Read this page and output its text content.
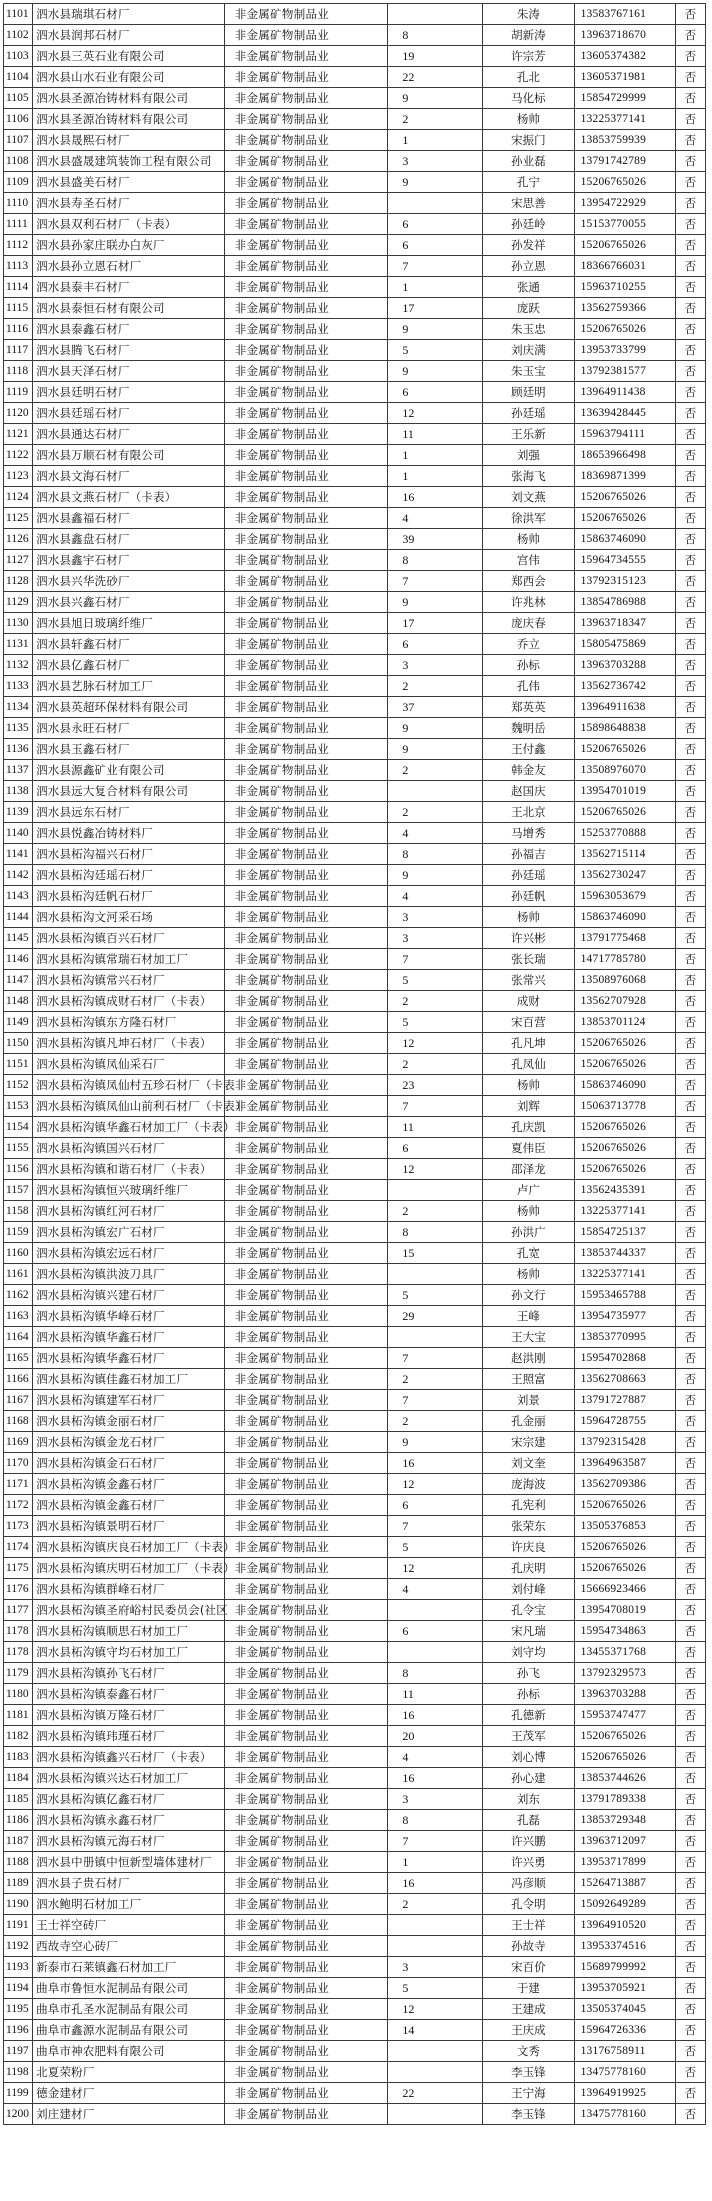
1101	泗水县瑞琪石材厂	非金属矿物制品业		朱涛	13583767161	否
1102	泗水县润邦石材厂	非金属矿物制品业	8	胡新涛	13963718670	否
1103	泗水县三英石业有限公司	非金属矿物制品业	19	许宗芳	13605374382	否
1104	泗水县山水石业有限公司	非金属矿物制品业	22	孔北	13605371981	否
1105	泗水县圣源冶铸材料有限公司	非金属矿物制品业	9	马化标	15854729999	否
1106	泗水县圣源冶铸材料有限公司	非金属矿物制品业	2	杨帅	13225377141	否
1107	泗水县晟熙石材厂	非金属矿物制品业	1	宋振门	13853759939	否
1108	泗水县盛晟建筑装饰工程有限公司	非金属矿物制品业	3	孙业磊	13791742789	否
1109	泗水县盛美石材厂	非金属矿物制品业	9	孔宁	15206765026	否
1110	泗水县寿圣石材厂	非金属矿物制品业		宋思善	13954722929	否
1111	泗水县双利石材厂（卡表）	非金属矿物制品业	6	孙廷岭	15153770055	否
1112	泗水县孙家庄联办白灰厂	非金属矿物制品业	6	孙发祥	15206765026	否
1113	泗水县孙立恩石材厂	非金属矿物制品业	7	孙立恩	18366766031	否
1114	泗水县泰丰石材厂	非金属矿物制品业	1	张通	15963710255	否
1115	泗水县泰恒石材有限公司	非金属矿物制品业	17	庞跃	13562759366	否
1116	泗水县泰鑫石材厂	非金属矿物制品业	9	朱玉忠	15206765026	否
1117	泗水县腾飞石材厂	非金属矿物制品业	5	刘庆满	13953733799	否
1118	泗水县天泽石材厂	非金属矿物制品业	9	朱玉宝	13792381577	否
1119	泗水县廷明石材厂	非金属矿物制品业	6	顾廷明	13964911438	否
1120	泗水县廷瑶石材厂	非金属矿物制品业	12	孙廷瑶	13639428445	否
1121	泗水县通达石材厂	非金属矿物制品业	11	王乐新	15963794111	否
1122	泗水县万顺石材有限公司	非金属矿物制品业	1	刘强	18653966498	否
1123	泗水县文海石材厂	非金属矿物制品业	1	张海飞	18369871399	否
1124	泗水县文燕石材厂（卡表）	非金属矿物制品业	16	刘文燕	15206765026	否
1125	泗水县鑫福石材厂	非金属矿物制品业	4	徐洪军	15206765026	否
1126	泗水县鑫盘石材厂	非金属矿物制品业	39	杨帅	15863746090	否
1127	泗水县鑫宇石材厂	非金属矿物制品业	8	宫伟	15964734555	否
1128	泗水县兴华洗砂厂	非金属矿物制品业	7	郑西会	13792315123	否
1129	泗水县兴鑫石材厂	非金属矿物制品业	9	许兆林	13854786988	否
1130	泗水县旭日玻璃纤维厂	非金属矿物制品业	17	庞庆春	13963718347	否
1131	泗水县轩鑫石材厂	非金属矿物制品业	6	乔立	15805475869	否
1132	泗水县亿鑫石材厂	非金属矿物制品业	3	孙标	13963703288	否
1133	泗水县艺脉石材加工厂	非金属矿物制品业	2	孔伟	13562736742	否
1134	泗水县英超环保材料有限公司	非金属矿物制品业	37	郑英英	13964911638	否
1135	泗水县永旺石材厂	非金属矿物制品业	9	魏明岳	15898648838	否
1136	泗水县玉鑫石材厂	非金属矿物制品业	9	王付鑫	15206765026	否
1137	泗水县源鑫矿业有限公司	非金属矿物制品业	2	韩金友	13508976070	否
1138	泗水县远大复合材料有限公司	非金属矿物制品业		赵国庆	13954701019	否
1139	泗水县远东石材厂	非金属矿物制品业	2	王北京	15206765026	否
1140	泗水县悦鑫冶铸材料厂	非金属矿物制品业	4	马增秀	15253770888	否
1141	泗水县柘沟福兴石材厂	非金属矿物制品业	8	孙福吉	13562715114	否
1142	泗水县柘沟廷瑶石材厂	非金属矿物制品业	9	孙廷瑶	13562730247	否
1143	泗水县柘沟廷帆石材厂	非金属矿物制品业	4	孙廷帆	15963053679	否
1144	泗水县柘沟文河采石场	非金属矿物制品业	3	杨帅	15863746090	否
1145	泗水县柘沟镇百兴石材厂	非金属矿物制品业	3	许兴彬	13791775468	否
1146	泗水县柘沟镇常瑞石材加工厂	非金属矿物制品业	7	张长瑞	14717785780	否
1147	泗水县柘沟镇常兴石材厂	非金属矿物制品业	5	张常兴	13508976068	否
1148	泗水县柘沟镇成财石材厂（卡表）	非金属矿物制品业	2	成财	13562707928	否
1149	泗水县柘沟镇东方隆石材厂	非金属矿物制品业	5	宋百营	13853701124	否
1150	泗水县柘沟镇凡坤石材厂（卡表）	非金属矿物制品业	12	孔凡坤	15206765026	否
1151	泗水县柘沟镇凤仙采石厂	非金属矿物制品业	2	孔凤仙	15206765026	否
1152	泗水县柘沟镇凤仙村五珍石材厂（卡表	非金属矿物制品业	23	杨帅	15863746090	否
1153	泗水县柘沟镇凤仙山前利石材厂（卡表）	非金属矿物制品业	7	刘辉	15063713778	否
1154	泗水县柘沟镇华鑫石材加工厂（卡表）	非金属矿物制品业	11	孔庆凯	15206765026	否
1155	泗水县柘沟镇国兴石材厂	非金属矿物制品业	6	夏伟臣	15206765026	否
1156	泗水县柘沟镇和谐石材厂（卡表）	非金属矿物制品业	12	邵泽龙	15206765026	否
1157	泗水县柘沟镇恒兴玻璃纤维厂	非金属矿物制品业		卢广	13562435391	否
1158	泗水县柘沟镇红河石材厂	非金属矿物制品业	2	杨帅	13225377141	否
1159	泗水县柘沟镇宏广石材厂	非金属矿物制品业	8	孙洪广	15854725137	否
1160	泗水县柘沟镇宏远石材厂	非金属矿物制品业	15	孔宽	13853744337	否
1161	泗水县柘沟镇洪波刀具厂	非金属矿物制品业		杨帅	13225377141	否
1162	泗水县柘沟镇兴建石材厂	非金属矿物制品业	5	孙文行	15953465788	否
1163	泗水县柘沟镇华峰石材厂	非金属矿物制品业	29	王峰	13954735977	否
1164	泗水县柘沟镇华鑫石材厂	非金属矿物制品业		王大宝	13853770995	否
1165	泗水县柘沟镇华鑫石材厂	非金属矿物制品业	7	赵洪刚	15954702868	否
1166	泗水县柘沟镇佳鑫石材加工厂	非金属矿物制品业	2	王照富	13562708663	否
1167	泗水县柘沟镇建军石材厂	非金属矿物制品业	7	刘景	13791727887	否
1168	泗水县柘沟镇金丽石材厂	非金属矿物制品业	2	孔金丽	15964728755	否
1169	泗水县柘沟镇金龙石材厂	非金属矿物制品业	9	宋宗建	13792315428	否
1170	泗水县柘沟镇金石石材厂	非金属矿物制品业	16	刘文奎	13964963587	否
1171	泗水县柘沟镇金鑫石材厂	非金属矿物制品业	12	庞海波	13562709386	否
1172	泗水县柘沟镇金鑫石材厂	非金属矿物制品业	6	孔宪利	15206765026	否
1173	泗水县柘沟镇景明石材厂	非金属矿物制品业	7	张荣东	13505376853	否
1174	泗水县柘沟镇庆良石材加工厂（卡表）	非金属矿物制品业	5	许庆良	15206765026	否
1175	泗水县柘沟镇庆明石材加工厂（卡表）	非金属矿物制品业	12	孔庆明	15206765026	否
1176	泗水县柘沟镇群峰石材厂	非金属矿物制品业	4	刘付峰	15666923466	否
1177	泗水县柘沟镇圣府峪村民委员会(社区	非金属矿物制品业		孔令宝	13954708019	否
1178	泗水县柘沟镇顺思石材加工厂	非金属矿物制品业	6	宋凡瑞	15954734863	否
1178	泗水县柘沟镇守均石材加工厂	非金属矿物制品业		刘守均	13455371768	否
1179	泗水县柘沟镇孙飞石材厂	非金属矿物制品业	8	孙飞	13792329573	否
1180	泗水县柘沟镇泰鑫石材厂	非金属矿物制品业	11	孙标	13963703288	否
1181	泗水县柘沟镇万隆石材厂	非金属矿物制品业	16	孔德新	15953747477	否
1182	泗水县柘沟镇玮瑾石材厂	非金属矿物制品业	20	王茂军	15206765026	否
1183	泗水县柘沟镇鑫兴石材厂（卡表）	非金属矿物制品业	4	刘心博	15206765026	否
1184	泗水县柘沟镇兴达石材加工厂	非金属矿物制品业	16	孙心建	13853744626	否
1185	泗水县柘沟镇亿鑫石材厂	非金属矿物制品业	3	刘东	13791789338	否
1186	泗水县柘沟镇永鑫石材厂	非金属矿物制品业	8	孔磊	13853729348	否
1187	泗水县柘沟镇元海石材厂	非金属矿物制品业	7	许兴鹏	13963712097	否
1188	泗水县中册镇中恒新型墙体建材厂	非金属矿物制品业	1	许兴勇	13953717899	否
1189	泗水县子贵石材厂	非金属矿物制品业	16	冯彦顺	15264713887	否
1190	泗水鲍明石材加工厂	非金属矿物制品业	2	孔令明	15092649289	否
1191	王士祥空砖厂	非金属矿物制品业		王士祥	13964910520	否
1192	西故寺空心砖厂	非金属矿物制品业		孙故寺	13953374516	否
1193	新泰市石莱镇鑫石材加工厂	非金属矿物制品业	3	宋百价	15689799992	否
1194	曲阜市鲁恒水泥制品有限公司	非金属矿物制品业	5	于建	13953705921	否
1195	曲阜市孔圣水泥制品有限公司	非金属矿物制品业	12	王建成	13505374045	否
1196	曲阜市鑫源水泥制品有限公司	非金属矿物制品业	14	王庆成	15964726336	否
1197	曲阜市神农肥料有限公司	非金属矿物制品业		文秀	13176758911	否
1198	北夏荣粉厂	非金属矿物制品业		李玉锋	13475778160	否
1199	德金建材厂	非金属矿物制品业	22	王宁海	13964919925	否
1200	刘庄建材厂	非金属矿物制品业		李玉锋	13475778160	否
